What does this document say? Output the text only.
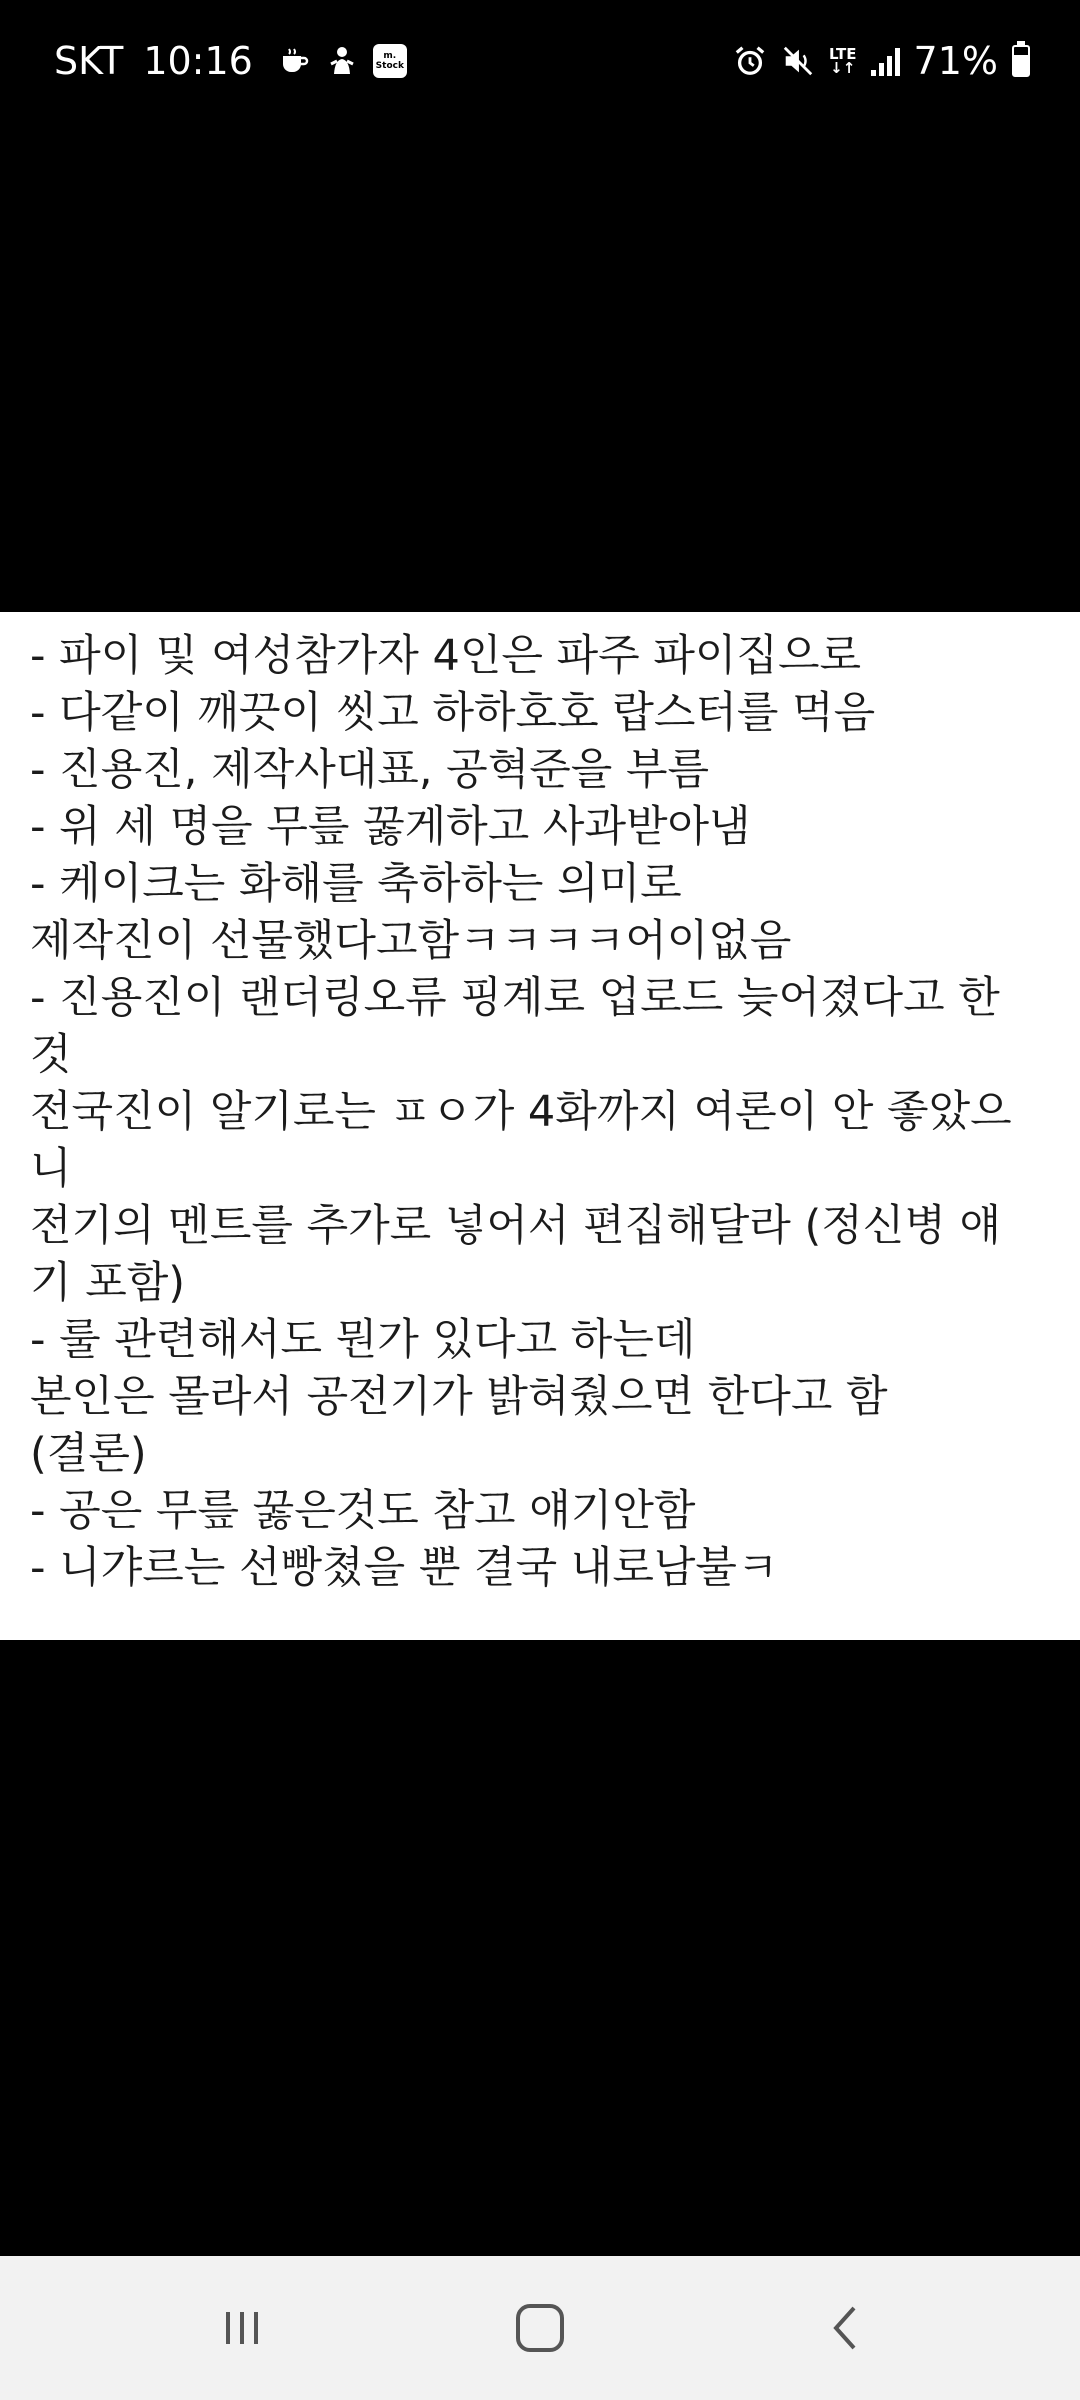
SKT 10:16	m.
Stock
LTE
↓↑ 71%
- 파이 및 여성참가자 4인은 파주 파이집으로
- 다같이 깨끗이 씻고 하하호호 랍스터를 먹음
- 진용진, 제작사대표, 공혁준을 부름
- 위 세 명을 무릎 꿇게하고 사과받아냄
- 케이크는 화해를 축하하는 의미로
제작진이 선물했다고함ㅋㅋㅋㅋ어이없음
- 진용진이 랜더링오류 핑계로 업로드 늦어졌다고 한
것
전국진이 알기로는 ㅍㅇ가 4화까지 여론이 안 좋았으
니
전기의 멘트를 추가로 넣어서 편집해달라 (정신병 얘
기 포함)
- 룰 관련해서도 뭔가 있다고 하는데
본인은 몰라서 공전기가 밝혀줬으면 한다고 함
(결론)
- 공은 무릎 꿇은것도 참고 얘기안함
- 니갸르는 선빵쳤을 뿐 결국 내로남불ㅋ
